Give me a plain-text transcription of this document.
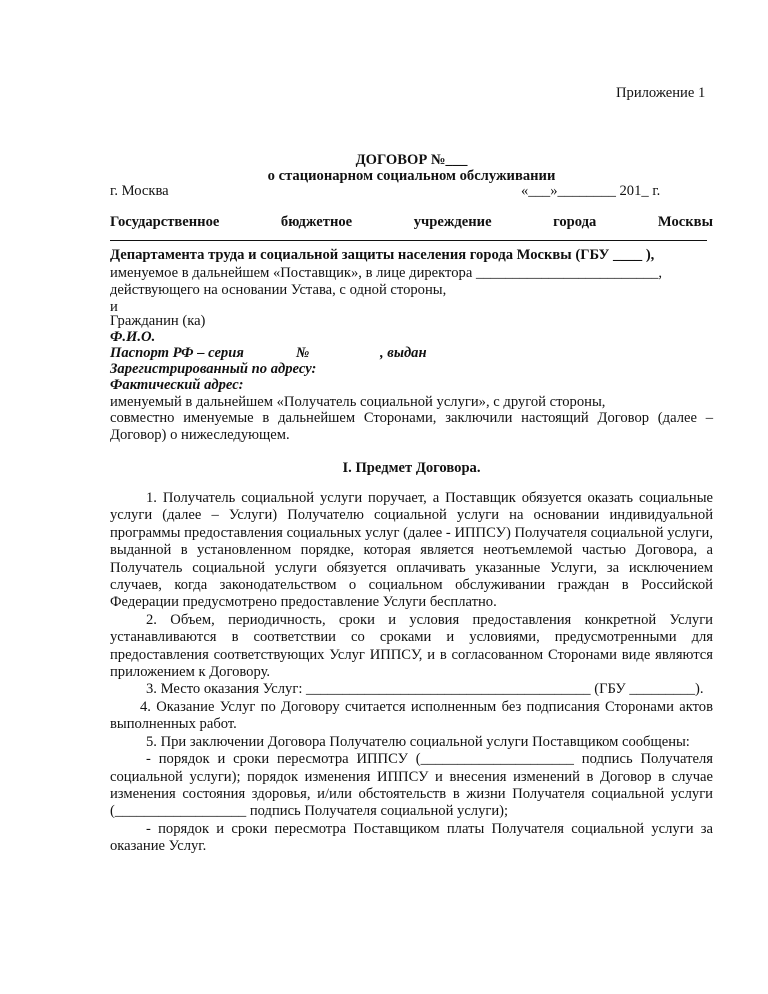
Приложение 1
ДОГОВОР №___
о стационарном социальном обслуживании
г. Москва	«___»________ 201_ г.
Государственное	бюджетное	учреждение	города	Москвы
Департамента труда и социальной защиты населения города Москвы (ГБУ ____ ),
именуемое в дальнейшем «Поставщик», в лице директора _________________________,
действующего на основании Устава, с одной стороны,
и
Гражданин (ка)
Ф.И.О.
Паспорт РФ – серия	№	, выдан
Зарегистрированный по адресу:
Фактический адрес:
именуемый в дальнейшем «Получатель социальной услуги», с другой стороны,
совместно именуемые в дальнейшем Сторонами, заключили настоящий Договор (далее – Договор) о нижеследующем.
I. Предмет Договора.

1. Получатель социальной услуги поручает, а Поставщик обязуется оказать социальные услуги (далее – Услуги) Получателю социальной услуги на основании индивидуальной программы предоставления социальных услуг (далее - ИППСУ) Получателя социальной услуги, выданной в установленном порядке, которая является неотъемлемой частью Договора, а Получатель социальной услуги обязуется оплачивать указанные Услуги, за исключением случаев, когда законодательством о социальном обслуживании граждан в Российской Федерации предусмотрено предоставление Услуги бесплатно.

2. Объем, периодичность, сроки и условия предоставления конкретной Услуги устанавливаются в соответствии со сроками и условиями, предусмотренными для предоставления соответствующих Услуг ИППСУ, и в согласованном Сторонами виде являются приложением к Договору.

3. Место оказания Услуг: _______________________________________ (ГБУ _________).

4. Оказание Услуг по Договору считается исполненным без подписания Сторонами актов выполненных работ.

5. При заключении Договора Получателю социальной услуги Поставщиком сообщены:

- порядок и сроки пересмотра ИППСУ (_____________________ подпись Получателя социальной услуги); порядок изменения ИППСУ и внесения изменений в Договор в случае изменения состояния здоровья, и/или обстоятельств в жизни Получателя социальной услуги (__________________ подпись Получателя социальной услуги);

- порядок и сроки пересмотра Поставщиком платы Получателя социальной услуги за оказание Услуг.
